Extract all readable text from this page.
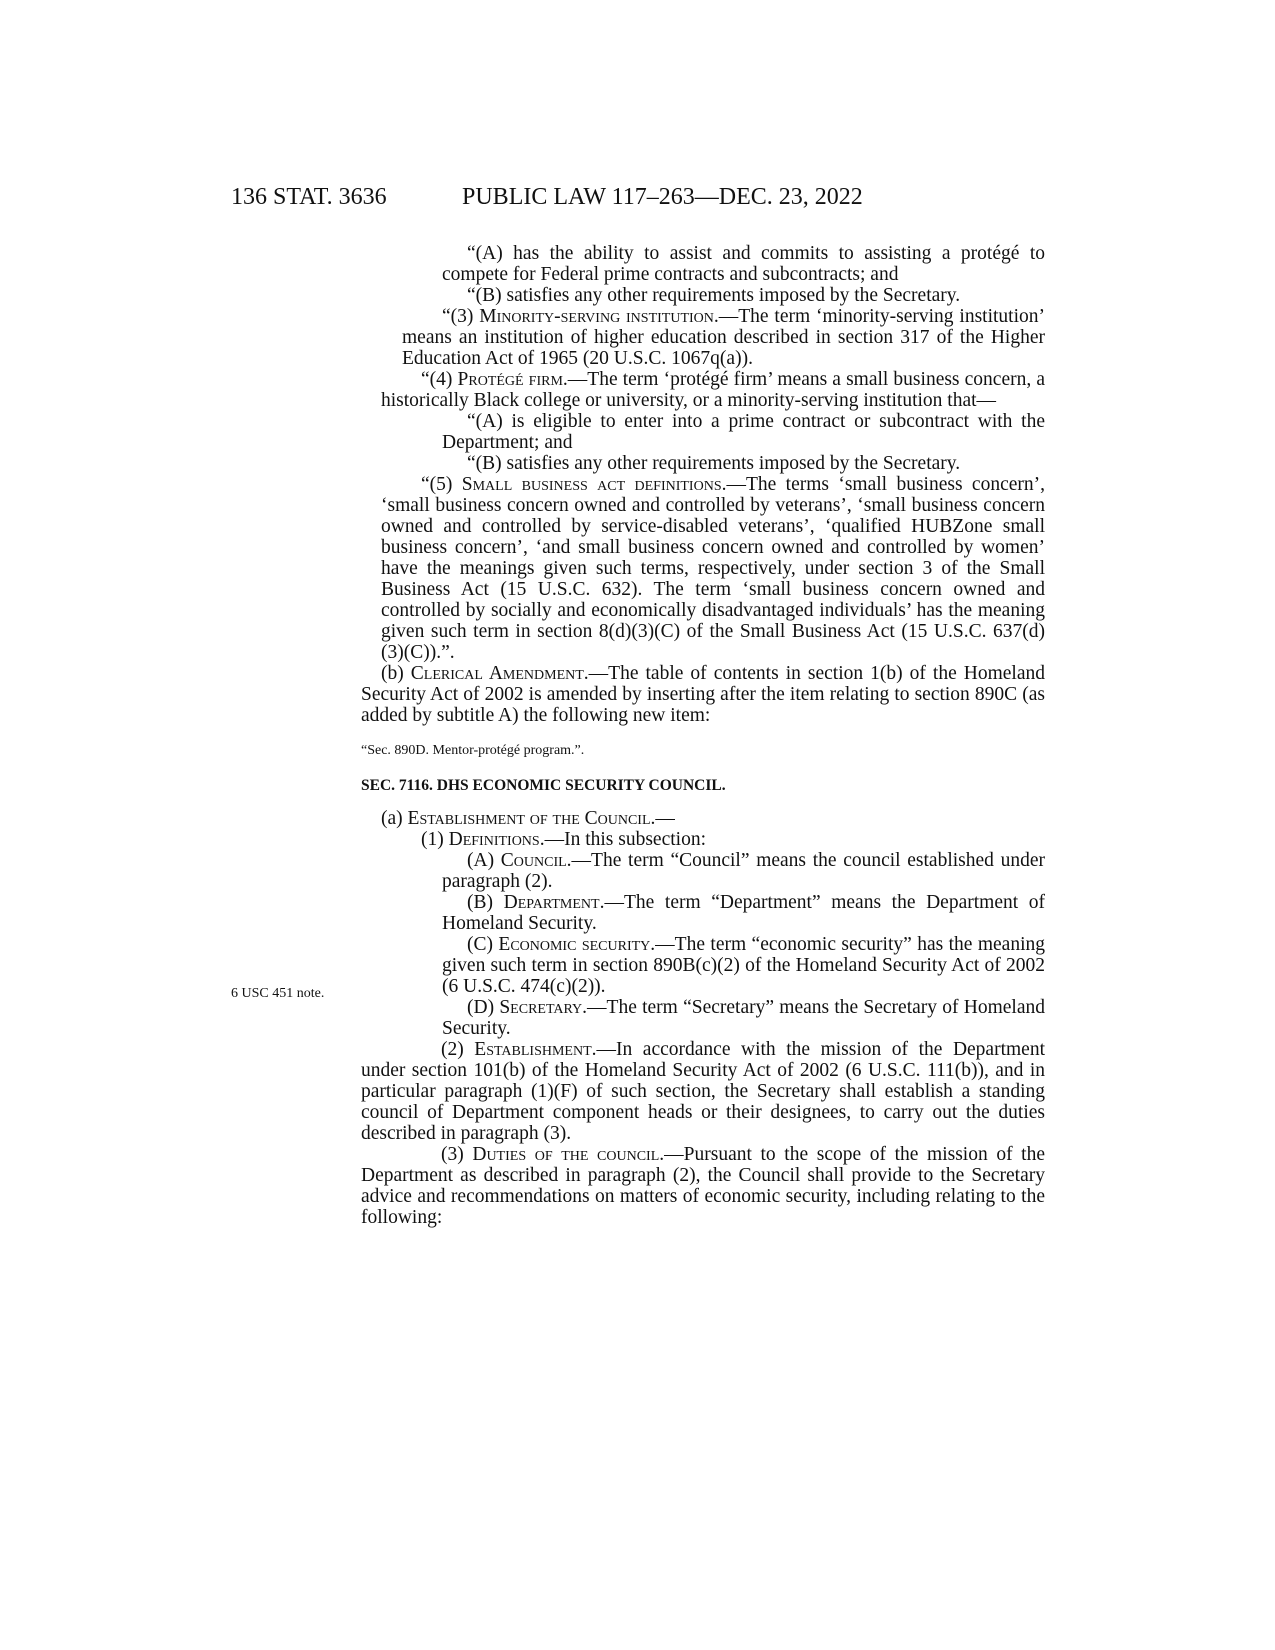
136 STAT. 3636	PUBLIC LAW 117–263—DEC. 23, 2022
6 USC 451 note.

“(A) has the ability to assist and commits to assisting a protégé to compete for Federal prime contracts and subcontracts; and

“(B) satisfies any other requirements imposed by the Secretary.

“(3) Minority-serving institution.—The term ‘minority-serving institution’ means an institution of higher education described in section 317 of the Higher Education Act of 1965 (20 U.S.C. 1067q(a)).

“(4) Protégé firm.—The term ‘protégé firm’ means a small business concern, a historically Black college or university, or a minority-serving institution that—

“(A) is eligible to enter into a prime contract or subcontract with the Department; and

“(B) satisfies any other requirements imposed by the Secretary.

“(5) Small business act definitions.—The terms ‘small business concern’, ‘small business concern owned and controlled by veterans’, ‘small business concern owned and controlled by service-disabled veterans’, ‘qualified HUBZone small business concern’, ‘and small business concern owned and controlled by women’ have the meanings given such terms, respectively, under section 3 of the Small Business Act (15 U.S.C. 632). The term ‘small business concern owned and controlled by socially and economically disadvantaged individuals’ has the meaning given such term in section 8(d)(3)(C) of the Small Business Act (15 U.S.C. 637(d)(3)(C)).”.

(b) Clerical Amendment.—The table of contents in section 1(b) of the Homeland Security Act of 2002 is amended by inserting after the item relating to section 890C (as added by subtitle A) the following new item:

“Sec. 890D. Mentor-protégé program.”.

SEC. 7116. DHS ECONOMIC SECURITY COUNCIL.

(a) Establishment of the Council.—

(1) Definitions.—In this subsection:

(A) Council.—The term “Council” means the council established under paragraph (2).

(B) Department.—The term “Department” means the Department of Homeland Security.

(C) Economic security.—The term “economic security” has the meaning given such term in section 890B(c)(2) of the Homeland Security Act of 2002 (6 U.S.C. 474(c)(2)).

(D) Secretary.—The term “Secretary” means the Secretary of Homeland Security.

(2) Establishment.—In accordance with the mission of the Department under section 101(b) of the Homeland Security Act of 2002 (6 U.S.C. 111(b)), and in particular paragraph (1)(F) of such section, the Secretary shall establish a standing council of Department component heads or their designees, to carry out the duties described in paragraph (3).

(3) Duties of the council.—Pursuant to the scope of the mission of the Department as described in paragraph (2), the Council shall provide to the Secretary advice and recommendations on matters of economic security, including relating to the following:
